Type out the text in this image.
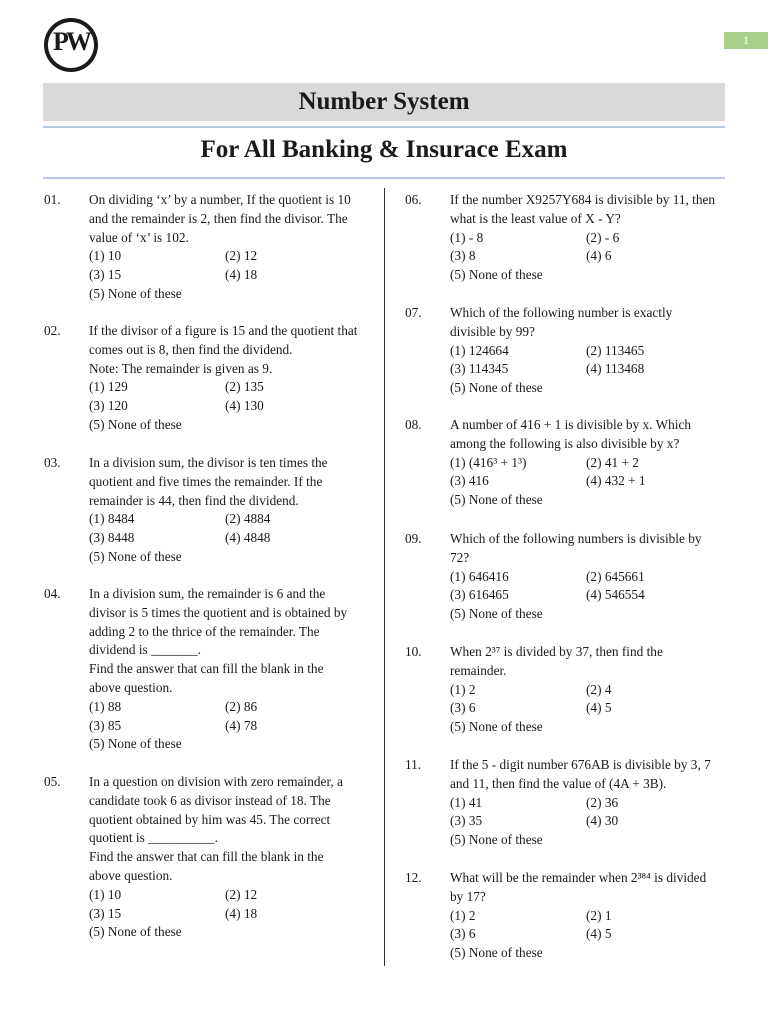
PW	1
Number System
For All Banking & Insurace Exam
01. On dividing ‘x’ by a number, If the quotient is 10
and the remainder is 2, then find the divisor. The
value of ‘x’ is 102.
(1) 10	(2) 12
(3) 15	(4) 18
(5) None of these
02. If the divisor of a figure is 15 and the quotient that
comes out is 8, then find the dividend.
Note: The remainder is given as 9.
(1) 129	(2) 135
(3) 120	(4) 130
(5) None of these
03. In a division sum, the divisor is ten times the
quotient and five times the remainder. If the
remainder is 44, then find the dividend.
(1) 8484	(2) 4884
(3) 8448	(4) 4848
(5) None of these
04. In a division sum, the remainder is 6 and the
divisor is 5 times the quotient and is obtained by
adding 2 to the thrice of the remainder. The
dividend is _______.
Find the answer that can fill the blank in the
above question.
(1) 88	(2) 86
(3) 85	(4) 78
(5) None of these
05. In a question on division with zero remainder, a
candidate took 6 as divisor instead of 18. The
quotient obtained by him was 45. The correct
quotient is __________.
Find the answer that can fill the blank in the
above question.
(1) 10	(2) 12
(3) 15	(4) 18
(5) None of these
06. If the number X9257Y684 is divisible by 11, then
what is the least value of X - Y?
(1) - 8	(2) - 6
(3) 8	(4) 6
(5) None of these
07. Which of the following number is exactly
divisible by 99?
(1) 124664	(2) 113465
(3) 114345	(4) 113468
(5) None of these
08. A number of 416 + 1 is divisible by x. Which
among the following is also divisible by x?
(1) (416³ + 1³)	(2) 41 + 2
(3) 416	(4) 432 + 1
(5) None of these
09. Which of the following numbers is divisible by
72?
(1) 646416	(2) 645661
(3) 616465	(4) 546554
(5) None of these
10. When 2³⁷ is divided by 37, then find the
remainder.
(1) 2	(2) 4
(3) 6	(4) 5
(5) None of these
11. If the 5 - digit number 676AB is divisible by 3, 7
and 11, then find the value of (4A + 3B).
(1) 41	(2) 36
(3) 35	(4) 30
(5) None of these
12. What will be the remainder when 2³⁸⁴ is divided
by 17?
(1) 2	(2) 1
(3) 6	(4) 5
(5) None of these
